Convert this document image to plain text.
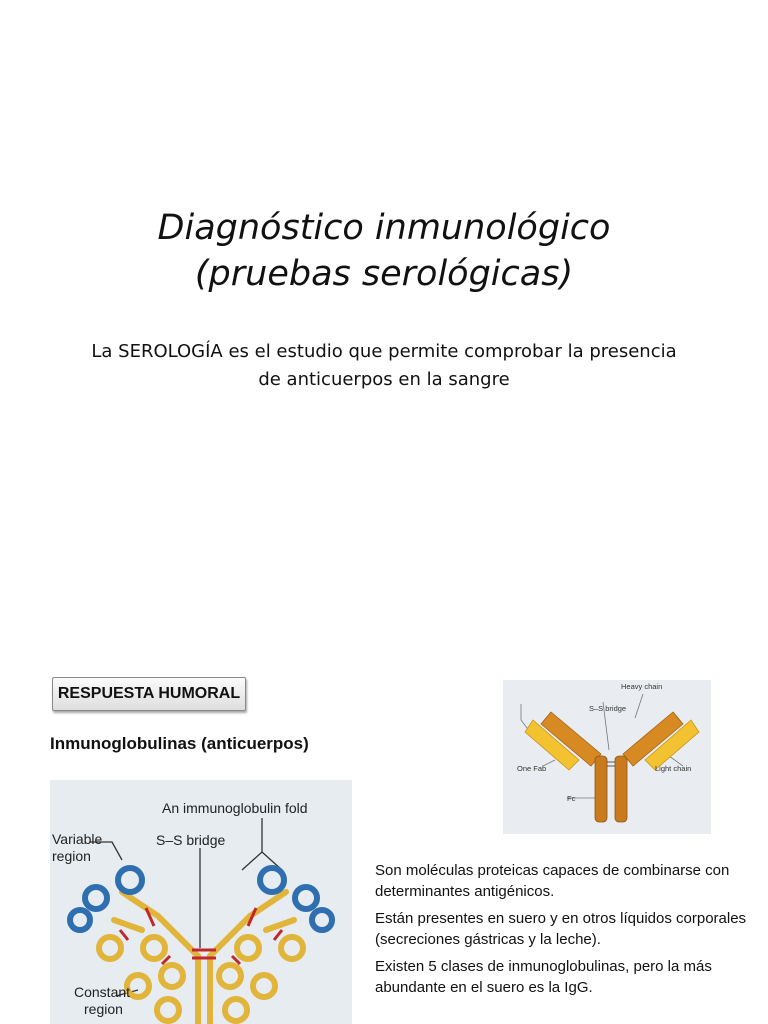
Diagnóstico inmunológico
(pruebas serológicas)
La SEROLOGÍA es el estudio que permite comprobar la presencia de anticuerpos en la sangre
RESPUESTA HUMORAL
Inmunoglobulinas (anticuerpos)
An immunoglobulin fold
S–S bridge
Variable
region
Constant
region
Heavy chain
S–S bridge
One Fab	Light chain
Fc

Son moléculas proteicas capaces de combinarse con determinantes antigénicos.

Están presentes en suero y en otros líquidos corporales (secreciones gástricas y la leche).

Existen 5 clases de inmunoglobulinas, pero la más abundante en el suero es la IgG.
